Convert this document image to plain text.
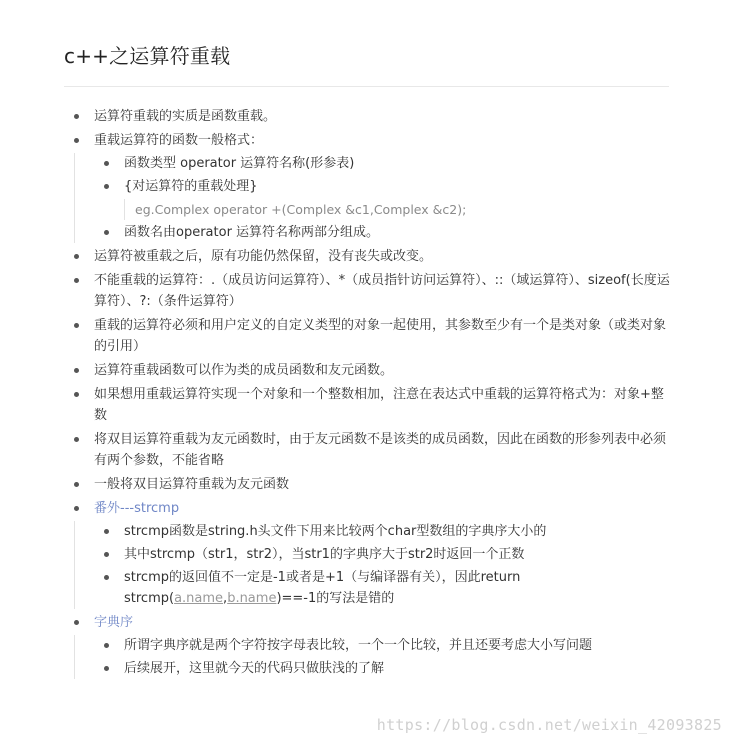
c++之运算符重载
运算符重载的实质是函数重载。
重载运算符的函数一般格式：
函数类型 operator 运算符名称(形参表)
{对运算符的重载处理}
eg.Complex operator +(Complex &c1,Complex &c2);
函数名由operator 运算符名称两部分组成。
运算符被重载之后，原有功能仍然保留，没有丧失或改变。
不能重载的运算符：.（成员访问运算符）、*（成员指针访问运算符）、::（域运算符）、sizeof(长度运算符）、?:（条件运算符）
重载的运算符必须和用户定义的自定义类型的对象一起使用，其参数至少有一个是类对象（或类对象的引用）
运算符重载函数可以作为类的成员函数和友元函数。
如果想用重载运算符实现一个对象和一个整数相加，注意在表达式中重载的运算符格式为：对象+整数
将双目运算符重载为友元函数时，由于友元函数不是该类的成员函数，因此在函数的形参列表中必须有两个参数，不能省略
一般将双目运算符重载为友元函数
番外---strcmp
strcmp函数是string.h头文件下用来比较两个char型数组的字典序大小的
其中strcmp（str1，str2），当str1的字典序大于str2时返回一个正数
strcmp的返回值不一定是-1或者是+1（与编译器有关），因此return strcmp(a.name,b.name)==-1的写法是错的
字典序
所谓字典序就是两个字符按字母表比较，一个一个比较，并且还要考虑大小写问题
后续展开，这里就今天的代码只做肤浅的了解
https://blog.csdn.net/weixin_42093825
